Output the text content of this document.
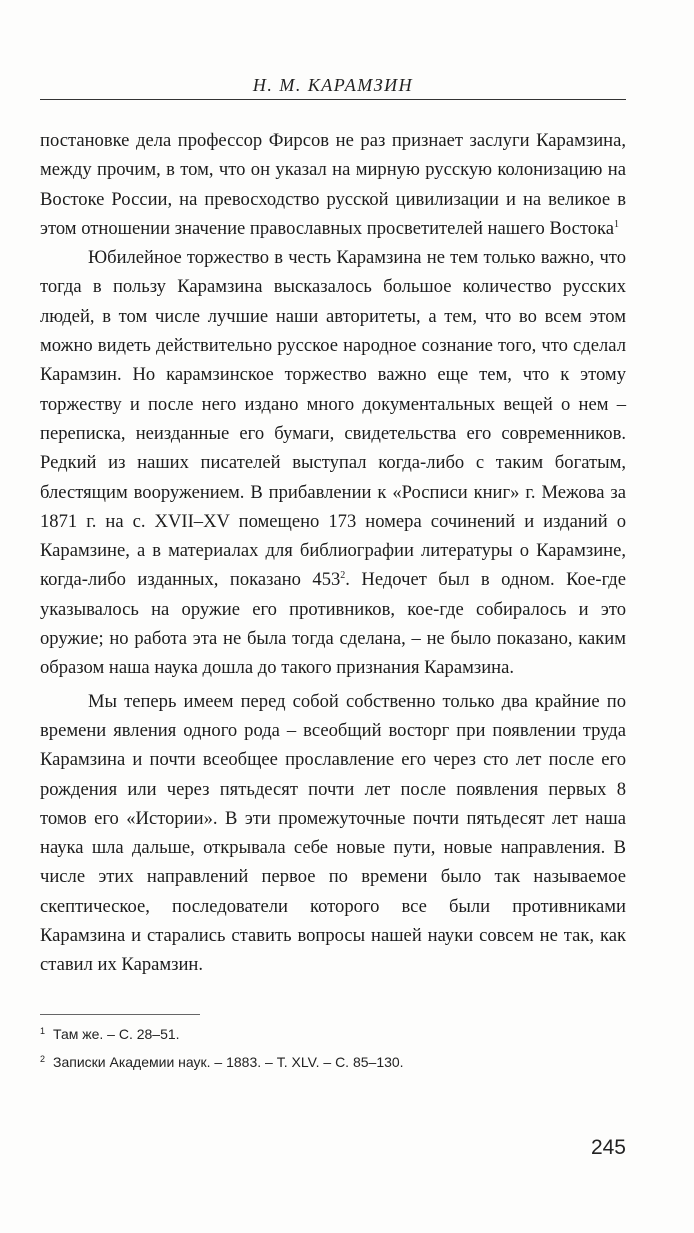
Н. М. КАРАМЗИН

постановке дела профессор Фирсов не раз признает заслуги Карамзина, между прочим, в том, что он указал на мирную русскую колонизацию на Востоке России, на превосходство русской цивилизации и на великое в этом отношении значение православных просветителей нашего Востока$^1$

Юбилейное торжество в честь Карамзина не тем только важно, что тогда в пользу Карамзина высказалось большое количество русских людей, в том числе лучшие наши авторитеты, а тем, что во всем этом можно видеть действительно русское народное сознание того, что сделал Карамзин. Но карамзинское торжество важно еще тем, что к этому торжеству и после него издано много документальных вещей о нем – переписка, неизданные его бумаги, свидетельства его современников. Редкий из наших писателей выступал когда-либо с таким богатым, блестящим вооружением. В прибавлении к «Росписи книг» г. Межова за 1871 г. на с. XVII–XV помещено 173 номера сочинений и изданий о Карамзине, а в материалах для библиографии литературы о Карамзине, когда-либо изданных, показано $453^2$. Недочет был в одном. Кое-где указывалось на оружие его противников, кое-где собиралось и это оружие; но работа эта не была тогда сделана, – не было показано, каким образом наша наука дошла до такого признания Карамзина.

Мы теперь имеем перед собой собственно только два крайние по времени явления одного рода – всеобщий восторг при появлении труда Карамзина и почти всеобщее прославление его через сто лет после его рождения или через пятьдесят почти лет после появления первых 8 томов его «Истории». В эти промежуточные почти пятьдесят лет наша наука шла дальше, открывала себе новые пути, новые направления. В числе этих направлений первое по времени было так называемое скептическое, последователи которого все были противниками Карамзина и старались ставить вопросы нашей науки совсем не так, как ставил их Карамзин.

$^1$ Там же. – С. 28–51.
$^2$ Записки Академии наук. – 1883. – Т. XLV. – С. 85–130.
245
